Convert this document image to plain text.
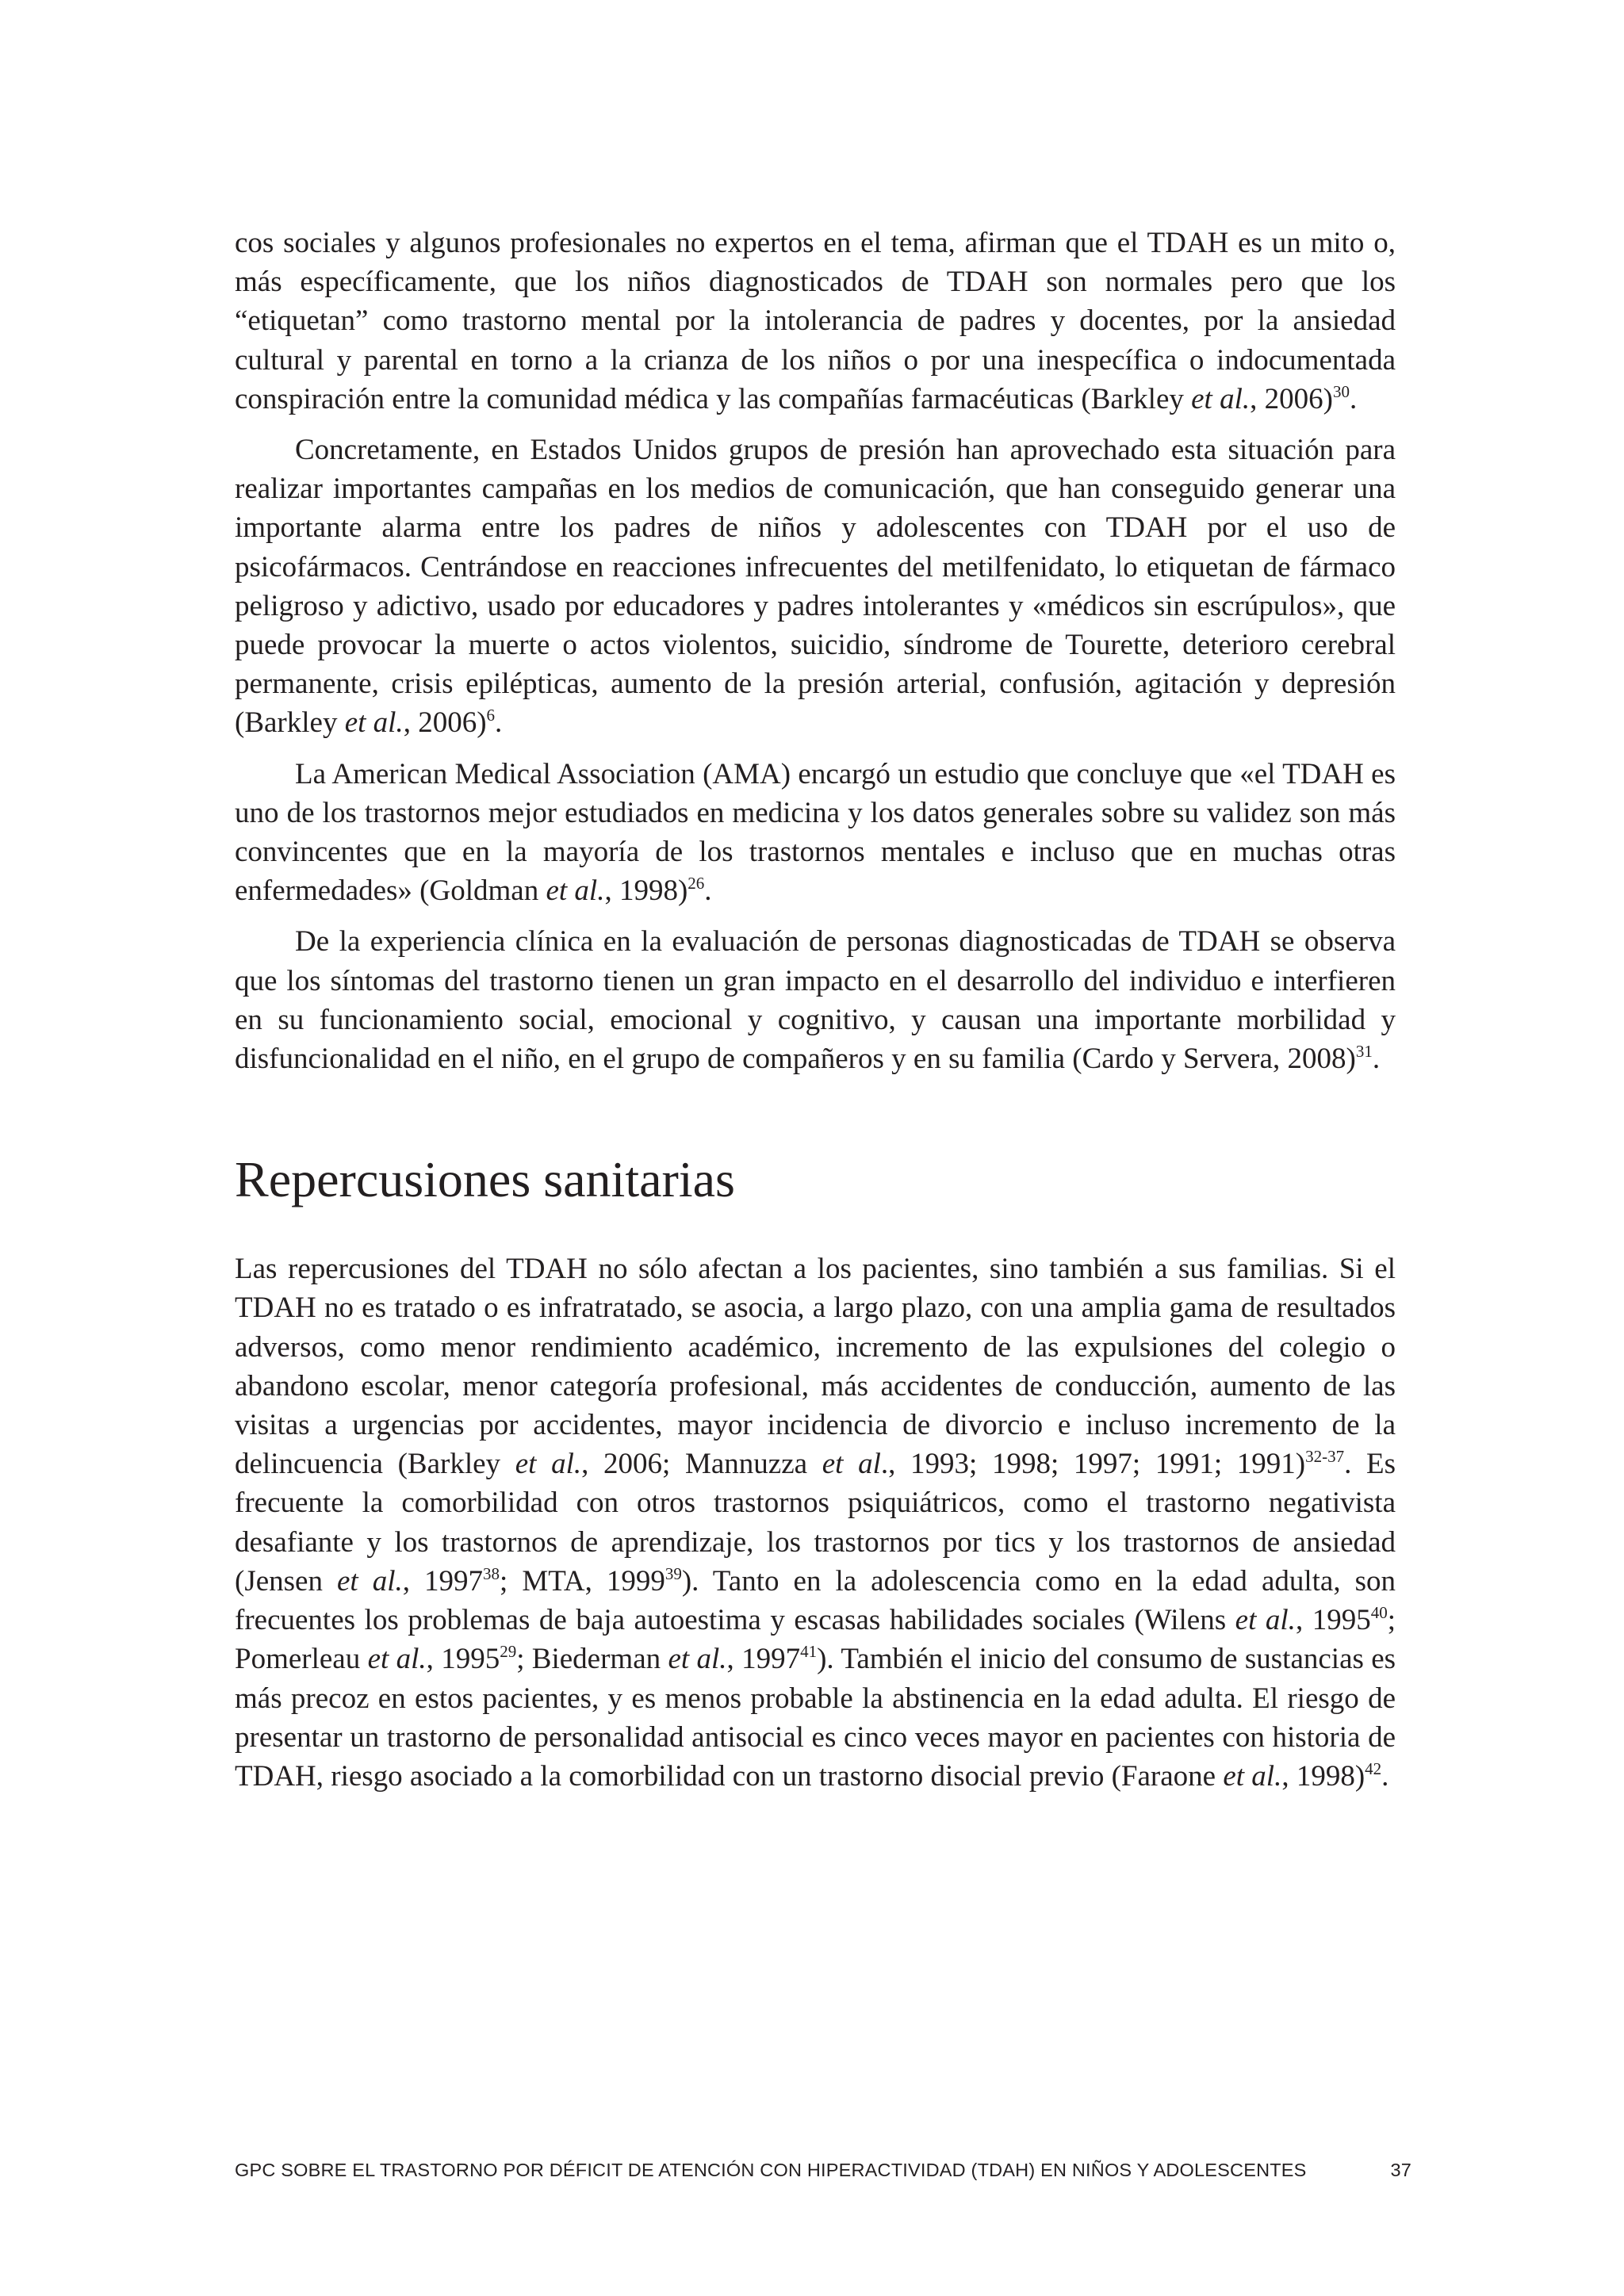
cos sociales y algunos profesionales no expertos en el tema, afirman que el TDAH es un mito o, más específicamente, que los niños diagnosticados de TDAH son normales pero que los “etiquetan” como trastorno mental por la intolerancia de padres y docentes, por la ansiedad cultural y parental en torno a la crianza de los niños o por una inespecífica o indocumentada conspiración entre la comunidad médica y las compañías farmacéuticas (Barkley et al., 2006)$^{30}$.

Concretamente, en Estados Unidos grupos de presión han aprovechado esta situación para realizar importantes campañas en los medios de comunicación, que han conseguido generar una importante alarma entre los padres de niños y adolescentes con TDAH por el uso de psicofármacos. Centrándose en reacciones infrecuentes del metilfenidato, lo etiquetan de fármaco peligroso y adictivo, usado por educadores y padres intolerantes y «médicos sin escrúpulos», que puede provocar la muerte o actos violentos, suicidio, síndrome de Tourette, deterioro cerebral permanente, crisis epilépticas, aumento de la presión arterial, confusión, agitación y depresión (Barkley et al., 2006)$^6$.

La American Medical Association (AMA) encargó un estudio que concluye que «el TDAH es uno de los trastornos mejor estudiados en medicina y los datos generales sobre su validez son más convincentes que en la mayoría de los trastornos mentales e incluso que en muchas otras enfermedades» (Goldman et al., 1998)$^{26}$.

De la experiencia clínica en la evaluación de personas diagnosticadas de TDAH se observa que los síntomas del trastorno tienen un gran impacto en el desarrollo del individuo e interfieren en su funcionamiento social, emocional y cognitivo, y causan una importante morbilidad y disfuncionalidad en el niño, en el grupo de compañeros y en su familia (Cardo y Servera, 2008)$^{31}$.

Repercusiones sanitarias

Las repercusiones del TDAH no sólo afectan a los pacientes, sino también a sus familias. Si el TDAH no es tratado o es infratratado, se asocia, a largo plazo, con una amplia gama de resultados adversos, como menor rendimiento académico, incremento de las expulsiones del colegio o abandono escolar, menor categoría profesional, más accidentes de conducción, aumento de las visitas a urgencias por accidentes, mayor incidencia de divorcio e incluso incremento de la delincuencia (Barkley et al., 2006; Mannuzza et al., 1993; 1998; 1997; 1991; 1991)$^{32-37}$. Es frecuente la comorbilidad con otros trastornos psiquiátricos, como el trastorno negativista desafiante y los trastornos de aprendizaje, los trastornos por tics y los trastornos de ansiedad (Jensen et al., 1997$^{38}$; MTA, 1999$^{39}$). Tanto en la adolescencia como en la edad adulta, son frecuentes los problemas de baja autoestima y escasas habilidades sociales (Wilens et al., 1995$^{40}$; Pomerleau et al., 1995$^{29}$; Biederman et al., 1997$^{41}$). También el inicio del consumo de sustancias es más precoz en estos pacientes, y es menos probable la abstinencia en la edad adulta. El riesgo de presentar un trastorno de personalidad antisocial es cinco veces mayor en pacientes con historia de TDAH, riesgo asociado a la comorbilidad con un trastorno disocial previo (Faraone et al., 1998)$^{42}$.

GPC SOBRE EL TRASTORNO POR DÉFICIT DE ATENCIÓN CON HIPERACTIVIDAD (TDAH) EN NIÑOS Y ADOLESCENTES	37
